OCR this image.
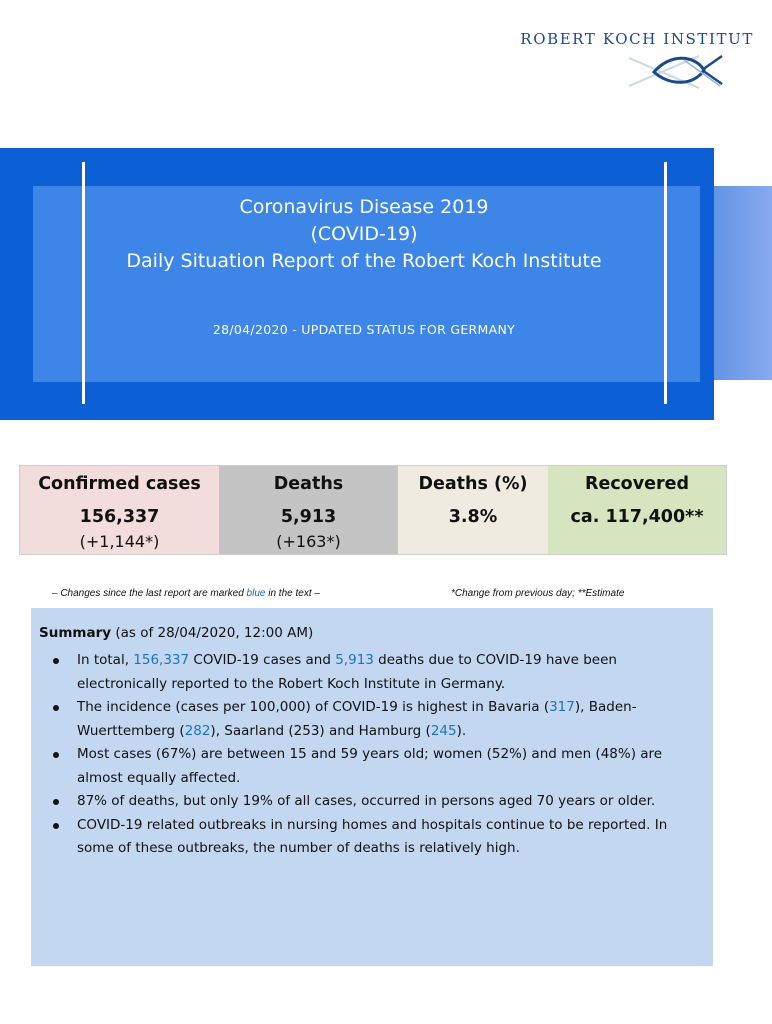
ROBERT KOCH INSTITUT
Coronavirus Disease 2019
(COVID-19)
Daily Situation Report of the Robert Koch Institute
28/04/2020 - UPDATED STATUS FOR GERMANY
Confirmed cases
156,337
(+1,144*)
Deaths
5,913
(+163*)
Deaths (%)
3.8%
Recovered
ca. 117,400**
– Changes since the last report are marked blue in the text –	*Change from previous day; **Estimate
Summary (as of 28/04/2020, 12:00 AM)
In total, 156,337 COVID-19 cases and 5,913 deaths due to COVID-19 have been electronically reported to the Robert Koch Institute in Germany.
The incidence (cases per 100,000) of COVID-19 is highest in Bavaria (317), Baden-Wuerttemberg (282), Saarland (253) and Hamburg (245).
Most cases (67%) are between 15 and 59 years old; women (52%) and men (48%) are almost equally affected.
87% of deaths, but only 19% of all cases, occurred in persons aged 70 years or older.
COVID-19 related outbreaks in nursing homes and hospitals continue to be reported. In some of these outbreaks, the number of deaths is relatively high.
